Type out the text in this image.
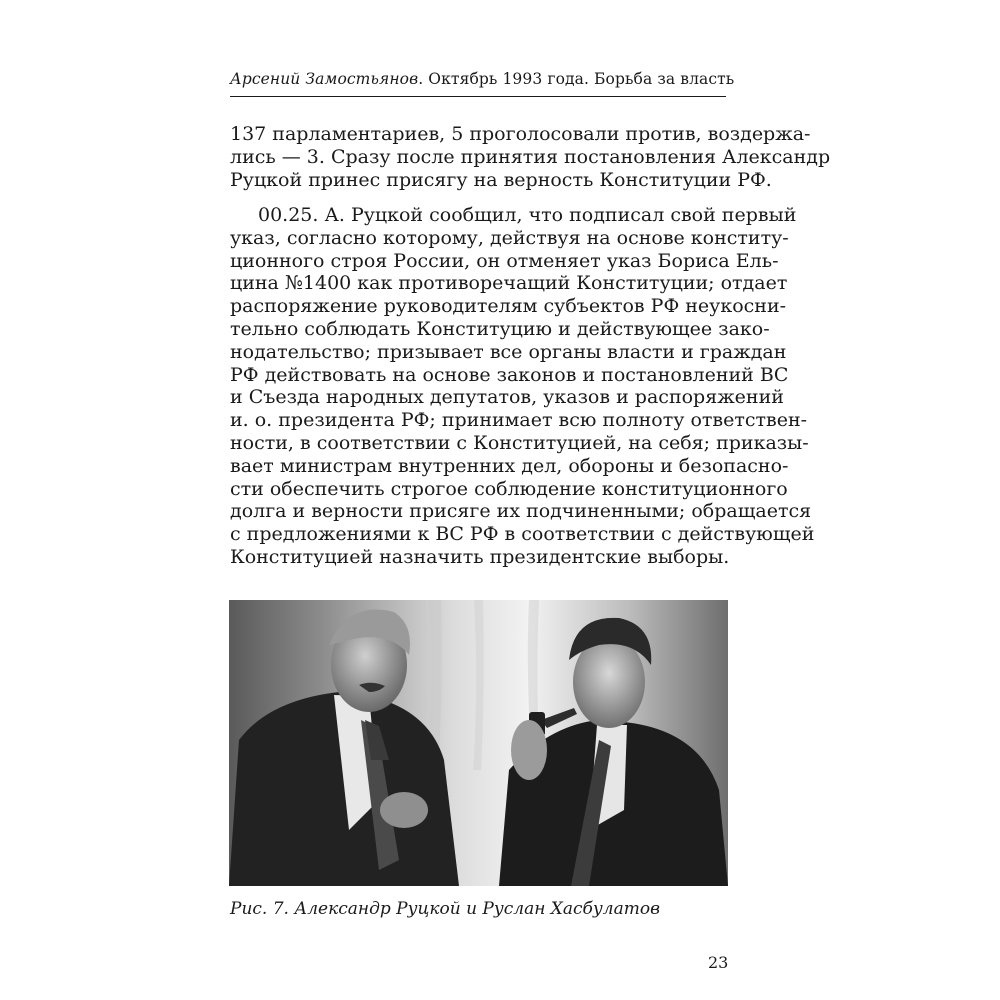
Арсений Замостьянов. Октябрь 1993 года. Борьба за власть
137 парламентариев, 5 проголосовали против, воздержа-
лись — 3. Сразу после принятия постановления Александр
Руцкой принес присягу на верность Конституции РФ.
00.25. А. Руцкой сообщил, что подписал свой первый
указ, согласно которому, действуя на основе конститу-
ционного строя России, он отменяет указ Бориса Ель-
цина №1400 как противоречащий Конституции; отдает
распоряжение руководителям субъектов РФ неукосни-
тельно соблюдать Конституцию и действующее зако-
нодательство; призывает все органы власти и граждан
РФ действовать на основе законов и постановлений ВС
и Съезда народных депутатов, указов и распоряжений
и. о. президента РФ; принимает всю полноту ответствен-
ности, в соответствии с Конституцией, на себя; приказы-
вает министрам внутренних дел, обороны и безопасно-
сти обеспечить строгое соблюдение конституционного
долга и верности присяге их подчиненными; обращается
с предложениями к ВС РФ в соответствии с действующей
Конституцией назначить президентские выборы.
Рис. 7. Александр Руцкой и Руслан Хасбулатов
23
